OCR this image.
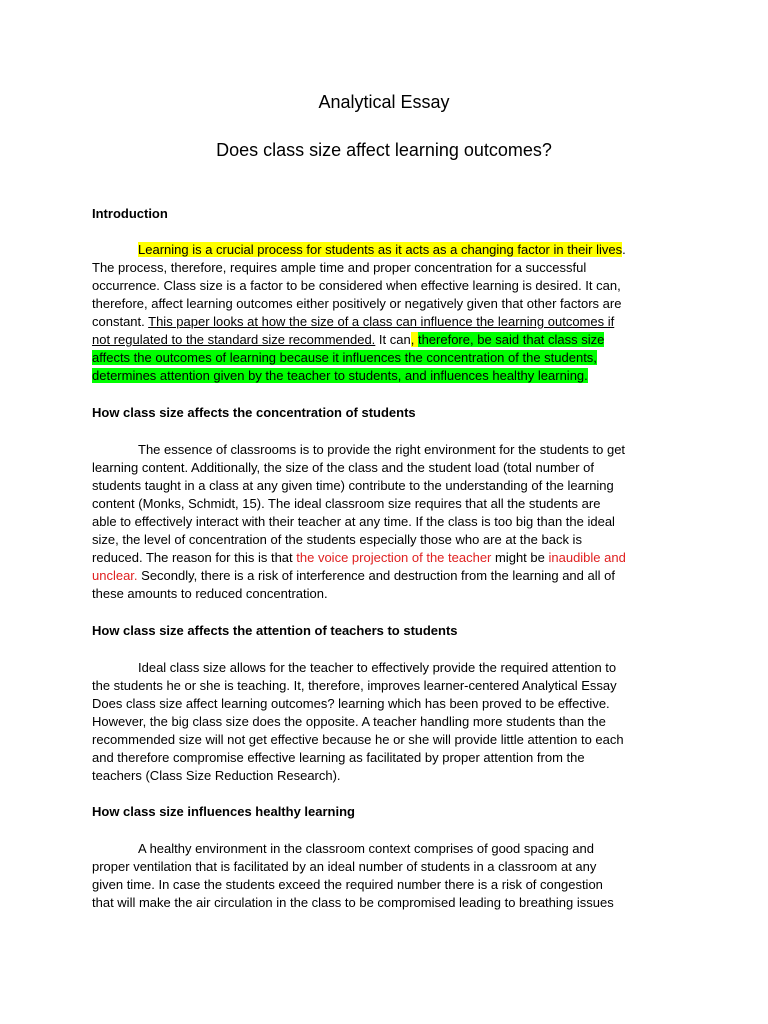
Analytical Essay
Does class size affect learning outcomes?
Introduction
Learning is a crucial process for students as it acts as a changing factor in their lives.
The process, therefore, requires ample time and proper concentration for a successful
occurrence. Class size is a factor to be considered when effective learning is desired. It can,
therefore, affect learning outcomes either positively or negatively given that other factors are
constant. This paper looks at how the size of a class can influence the learning outcomes if
not regulated to the standard size recommended. It can, therefore, be said that class size
affects the outcomes of learning because it influences the concentration of the students,
determines attention given by the teacher to students, and influences healthy learning.
How class size affects the concentration of students
The essence of classrooms is to provide the right environment for the students to get
learning content. Additionally, the size of the class and the student load (total number of
students taught in a class at any given time) contribute to the understanding of the learning
content (Monks, Schmidt, 15). The ideal classroom size requires that all the students are
able to effectively interact with their teacher at any time. If the class is too big than the ideal
size, the level of concentration of the students especially those who are at the back is
reduced. The reason for this is that the voice projection of the teacher might be inaudible and
unclear. Secondly, there is a risk of interference and destruction from the learning and all of
these amounts to reduced concentration.
How class size affects the attention of teachers to students
Ideal class size allows for the teacher to effectively provide the required attention to
the students he or she is teaching. It, therefore, improves learner-centered Analytical Essay
Does class size affect learning outcomes? learning which has been proved to be effective.
However, the big class size does the opposite. A teacher handling more students than the
recommended size will not get effective because he or she will provide little attention to each
and therefore compromise effective learning as facilitated by proper attention from the
teachers (Class Size Reduction Research).
How class size influences healthy learning
A healthy environment in the classroom context comprises of good spacing and
proper ventilation that is facilitated by an ideal number of students in a classroom at any
given time. In case the students exceed the required number there is a risk of congestion
that will make the air circulation in the class to be compromised leading to breathing issues
